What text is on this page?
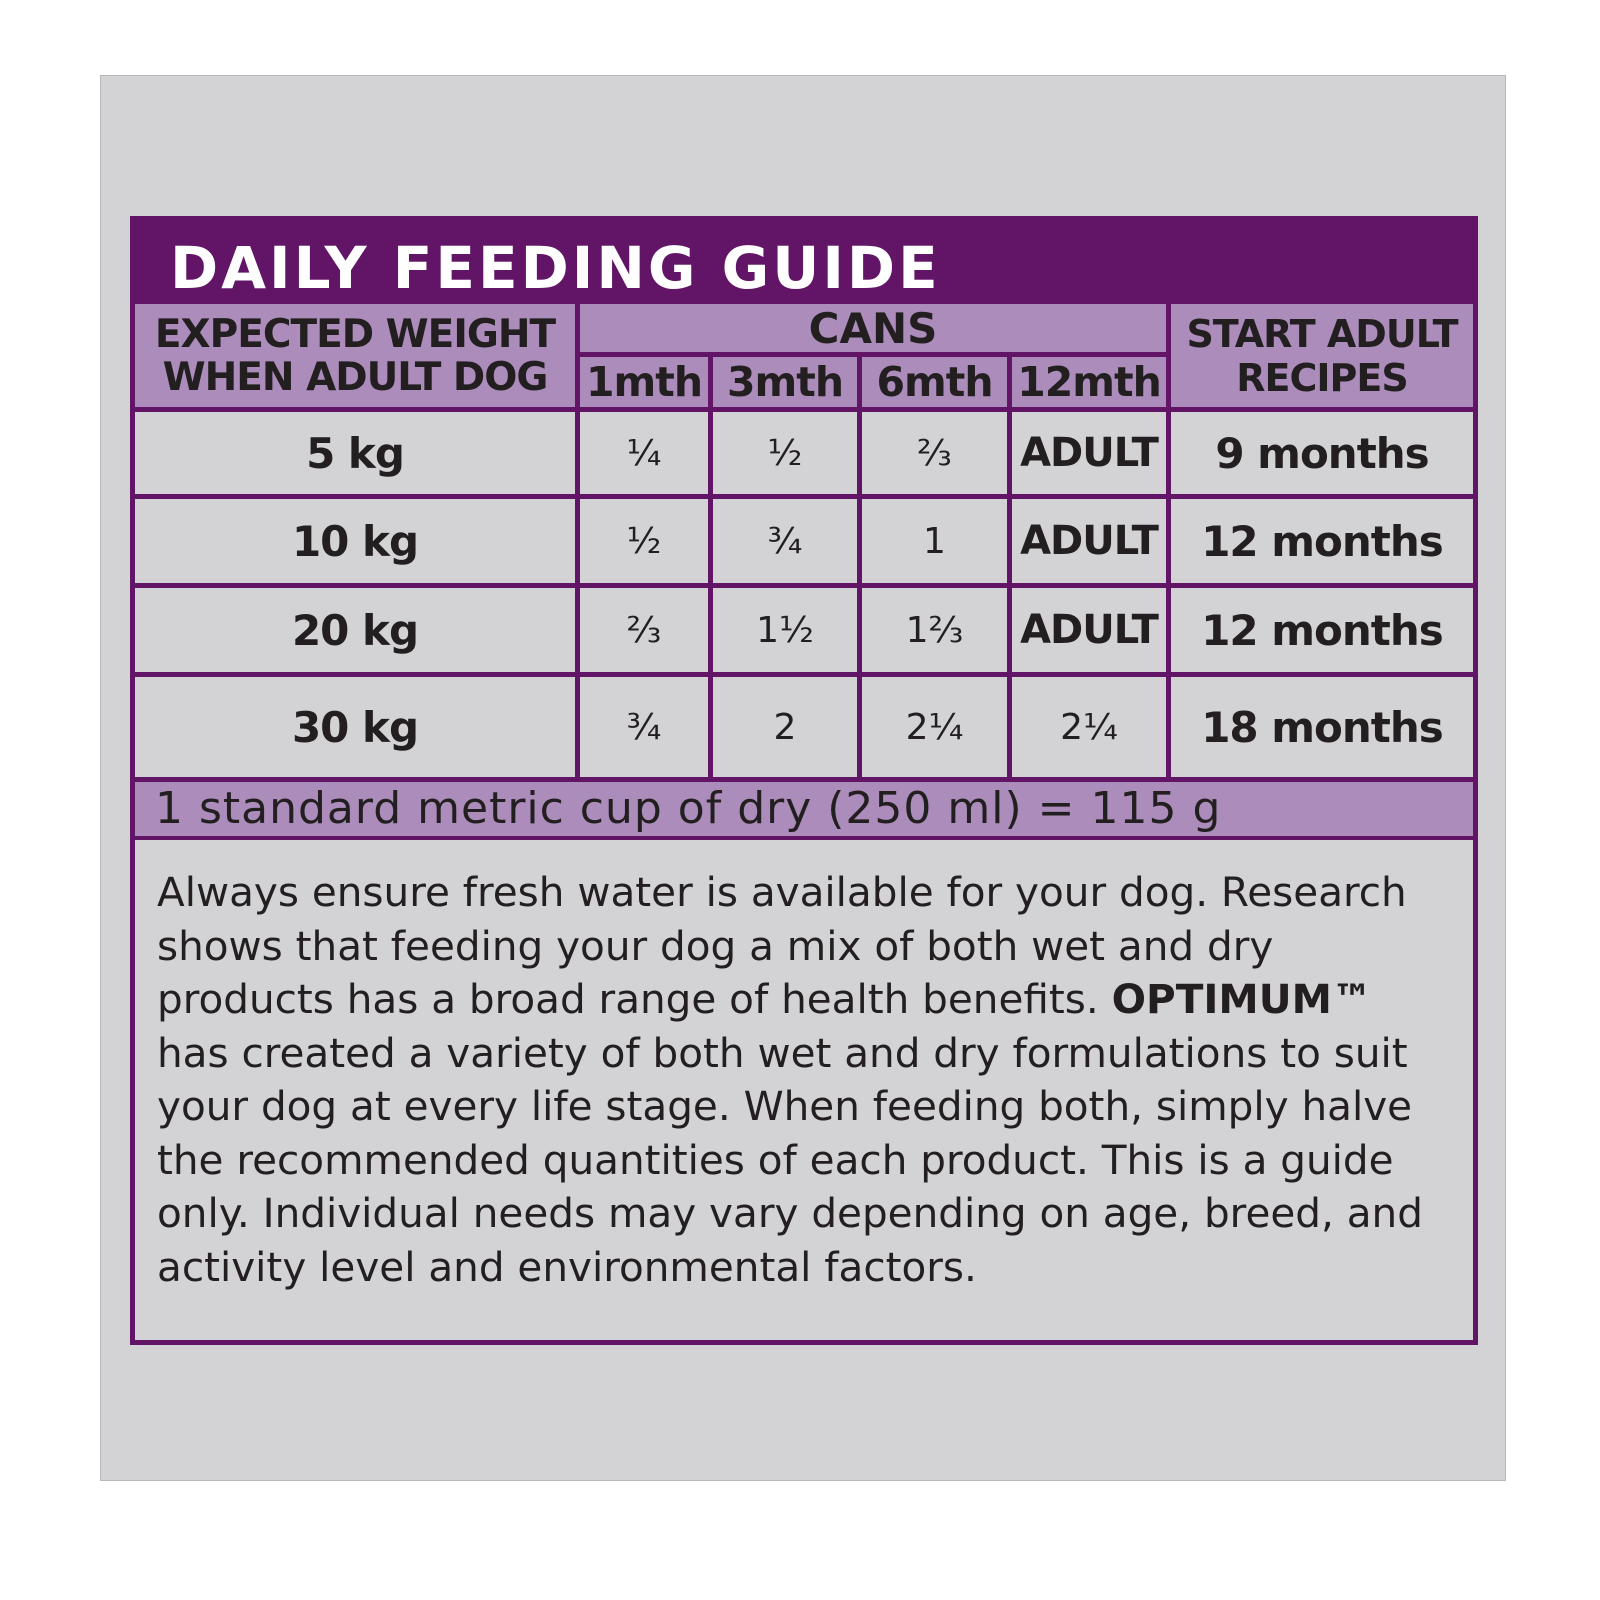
DAILY FEEDING GUIDE
EXPECTED WEIGHT
WHEN ADULT DOG
CANS
1mth 3mth 6mth 12mth
START ADULT
RECIPES
5 kg	¼	½	⅔	ADULT	9 months
10 kg	½	¾	1	ADULT	12 months
20 kg	⅔	1½	1⅔	ADULT	12 months
30 kg	¾	2	2¼	2¼	18 months
1 standard metric cup of dry (250 ml) = 115 g
Always ensure fresh water is available for your dog. Research
shows that feeding your dog a mix of both wet and dry
products has a broad range of health benefits. OPTIMUM™
has created a variety of both wet and dry formulations to suit
your dog at every life stage. When feeding both, simply halve
the recommended quantities of each product. This is a guide
only. Individual needs may vary depending on age, breed, and
activity level and environmental factors.
